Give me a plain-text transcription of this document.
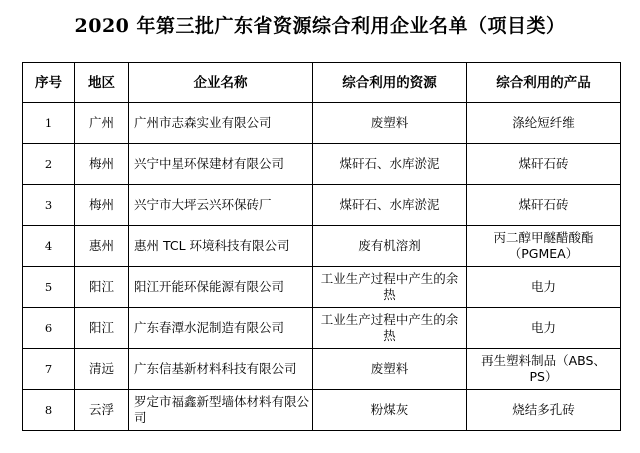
2020 年第三批广东省资源综合利用企业名单（项目类）
序号	地区	企业名称	综合利用的资源	综合利用的产品
1	广州	广州市志森实业有限公司	废塑料	涤纶短纤维
2	梅州	兴宁中星环保建材有限公司	煤矸石、水库淤泥	煤矸石砖
3	梅州	兴宁市大坪云兴环保砖厂	煤矸石、水库淤泥	煤矸石砖
4	惠州	惠州 TCL 环境科技有限公司	废有机溶剂	丙二醇甲醚醋酸酯（PGMEA）
5	阳江	阳江开能环保能源有限公司	工业生产过程中产生的余热	电力
6	阳江	广东春潭水泥制造有限公司	工业生产过程中产生的余热	电力
7	清远	广东信基新材料科技有限公司	废塑料	再生塑料制品（ABS、PS）
8	云浮	罗定市福鑫新型墙体材料有限公司	粉煤灰	烧结多孔砖
